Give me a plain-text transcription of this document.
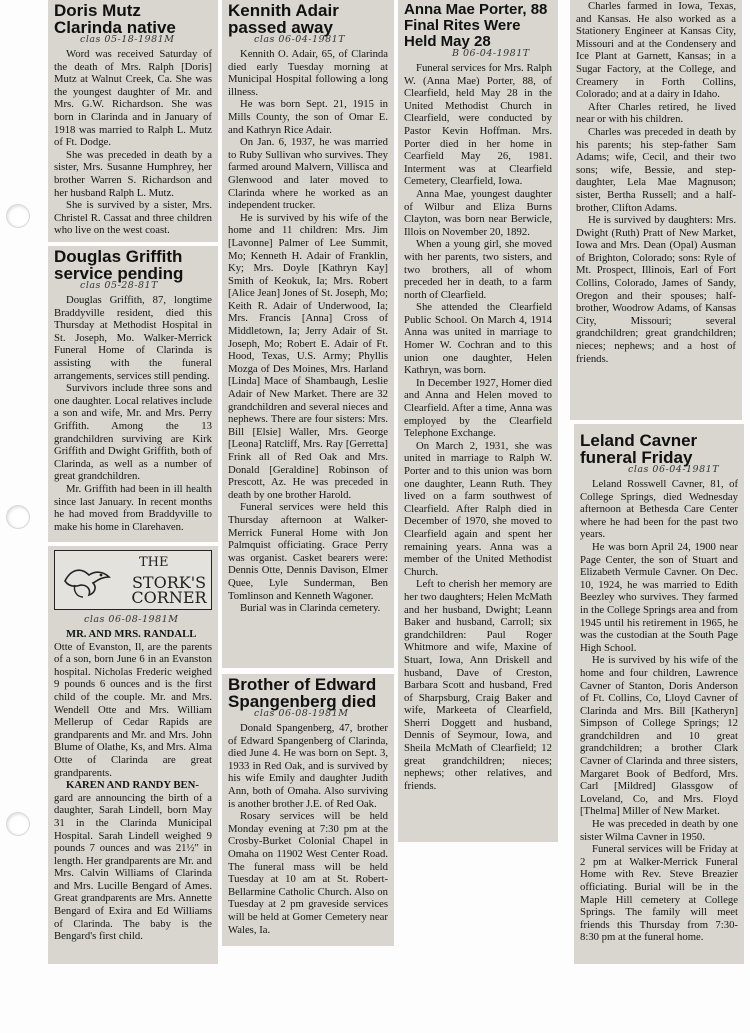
Doris Mutz
Clarinda native
clas 05-18-1981M

Word was received Saturday of the death of Mrs. Ralph [Doris] Mutz at Walnut Creek, Ca. She was the youngest daughter of Mr. and Mrs. G.W. Richardson. She was born in Clarinda and in January of 1918 was married to Ralph L. Mutz of Ft. Dodge.

She was preceded in death by a sister, Mrs. Susanne Humphrey, her brother Warren S. Richardson and her husband Ralph L. Mutz.

She is survived by a sister, Mrs. Christel R. Cassat and three children who live on the west coast.

Douglas Griffith
service pending
clas 05-28-81T

Douglas Griffith, 87, longtime Braddyville resident, died this Thursday at Methodist Hospital in St. Joseph, Mo. Walker-Merrick Funeral Home of Clarinda is assisting with the funeral arrangements, services still pending.

Survivors include three sons and one daughter. Local relatives include a son and wife, Mr. and Mrs. Perry Griffith. Among the 13 grandchildren surviving are Kirk Griffith and Dwight Griffith, both of Clarinda, as well as a number of great grandchildren.

Mr. Griffith had been in ill health since last January. In recent months he had moved from Braddyville to make his home in Clarehaven.

THE
STORK'S
CORNER
clas 06-08-1981M

MR. AND MRS. RANDALL

Otte of Evanston, Il, are the parents of a son, born June 6 in an Evanston hospital. Nicholas Frederic weighed 9 pounds 6 ounces and is the first child of the couple. Mr. and Mrs. Wendell Otte and Mrs. William Mellerup of Cedar Rapids are grandparents and Mr. and Mrs. John Blume of Olathe, Ks, and Mrs. Alma Otte of Clarinda are great grandparents.

KAREN AND RANDY BEN-

gard are announcing the birth of a daughter, Sarah Lindell, born May 31 in the Clarinda Municipal Hospital. Sarah Lindell weighed 9 pounds 7 ounces and was 21½" in length. Her grandparents are Mr. and Mrs. Calvin Williams of Clarinda and Mrs. Lucille Bengard of Ames. Great grandparents are Mrs. Annette Bengard of Exira and Ed Williams of Clarinda. The baby is the Bengard's first child.

Kennith Adair
passed away
clas 06-04-1981T

Kennith O. Adair, 65, of Clarinda died early Tuesday morning at Municipal Hospital following a long illness.

He was born Sept. 21, 1915 in Mills County, the son of Omar E. and Kathryn Rice Adair.

On Jan. 6, 1937, he was married to Ruby Sullivan who survives. They farmed around Malvern, Villisca and Glenwood and later moved to Clarinda where he worked as an independent trucker.

He is survived by his wife of the home and 11 children: Mrs. Jim [Lavonne] Palmer of Lee Summit, Mo; Kenneth H. Adair of Franklin, Ky; Mrs. Doyle [Kathryn Kay] Smith of Keokuk, Ia; Mrs. Robert [Alice Jean] Jones of St. Joseph, Mo; Keith R. Adair of Underwood, Ia; Mrs. Francis [Anna] Cross of Middletown, Ia; Jerry Adair of St. Joseph, Mo; Robert E. Adair of Ft. Hood, Texas, U.S. Army; Phyllis Mozga of Des Moines, Mrs. Harland [Linda] Mace of Shambaugh, Leslie Adair of New Market. There are 32 grandchildren and several nieces and nephews. There are four sisters: Mrs. Bill [Elsie] Waller, Mrs. George [Leona] Ratcliff, Mrs. Ray [Gerretta] Frink all of Red Oak and Mrs. Donald [Geraldine] Robinson of Prescott, Az. He was preceded in death by one brother Harold.

Funeral services were held this Thursday afternoon at Walker-Merrick Funeral Home with Jon Palmquist officiating. Grace Perry was organist. Casket bearers were: Dennis Otte, Dennis Davison, Elmer Quee, Lyle Sunderman, Ben Tomlinson and Kenneth Wagoner.

Burial was in Clarinda cemetery.

Brother of Edward
Spangenberg died
clas 06-08-1981M

Donald Spangenberg, 47, brother of Edward Spangenberg of Clarinda, died June 4. He was born on Sept. 3, 1933 in Red Oak, and is survived by his wife Emily and daughter Judith Ann, both of Omaha. Also surviving is another brother J.E. of Red Oak.

Rosary services will be held Monday evening at 7:30 pm at the Crosby-Burket Colonial Chapel in Omaha on 11902 West Center Road. The funeral mass will be held Tuesday at 10 am at St. Robert-Bellarmine Catholic Church. Also on Tuesday at 2 pm graveside services will be held at Gomer Cemetery near Wales, Ia.

Anna Mae Porter, 88
Final Rites Were
Held May 28
B 06-04-1981T

Funeral services for Mrs. Ralph W. (Anna Mae) Porter, 88, of Clearfield, held May 28 in the United Methodist Church in Clearfield, were conducted by Pastor Kevin Hoffman. Mrs. Porter died in her home in Cearfield May 26, 1981. Interment was at Clearfield Cemetery, Clearfield, Iowa.

Anna Mae, youngest daughter of Wilbur and Eliza Burns Clayton, was born near Berwicle, Illois on November 20, 1892.

When a young girl, she moved with her parents, two sisters, and two brothers, all of whom preceded her in death, to a farm north of Clearfield.

She attended the Clearfield Public School. On March 4, 1914 Anna was united in marriage to Homer W. Cochran and to this union one daughter, Helen Kathryn, was born.

In December 1927, Homer died and Anna and Helen moved to Clearfield. After a time, Anna was employed by the Clearfield Telephone Exchange.

On March 2, 1931, she was united in marriage to Ralph W. Porter and to this union was born one daughter, Leann Ruth. They lived on a farm southwest of Clearfield. After Ralph died in December of 1970, she moved to Clearfield again and spent her remaining years. Anna was a member of the United Methodist Church.

Left to cherish her memory are her two daughters; Helen McMath and her husband, Dwight; Leann Baker and husband, Carroll; six grandchildren: Paul Roger Whitmore and wife, Maxine of Stuart, Iowa, Ann Driskell and husband, Dave of Creston, Barbara Scott and husband, Fred of Sharpsburg, Craig Baker and wife, Markeeta of Clearfield, Sherri Doggett and husband, Dennis of Seymour, Iowa, and Sheila McMath of Clearfield; 12 great grandchildren; nieces; nephews; other relatives, and friends.

Charles farmed in Iowa, Texas, and Kansas. He also worked as a Stationery Engineer at Kansas City, Missouri and at the Condensery and Ice Plant at Garnett, Kansas; in a Sugar Factory, at the College, and Creamery in Forth Collins, Colorado; and at a dairy in Idaho.

After Charles retired, he lived near or with his children.

Charles was preceded in death by his parents; his step-father Sam Adams; wife, Cecil, and their two sons; wife, Bessie, and step-daughter, Lela Mae Magnuson; sister, Bertha Russell; and a half-brother, Clifton Adams.

He is survived by daughters: Mrs. Dwight (Ruth) Pratt of New Market, Iowa and Mrs. Dean (Opal) Ausman of Brighton, Colorado; sons: Ryle of Mt. Prospect, Illinois, Earl of Fort Collins, Colorado, James of Sandy, Oregon and their spouses; half-brother, Woodrow Adams, of Kansas City, Missouri; several grandchildren; great grandchildren; nieces; nephews; and a host of friends.

Leland Cavner
funeral Friday
clas 06-04-1981T

Leland Rosswell Cavner, 81, of College Springs, died Wednesday afternoon at Bethesda Care Center where he had been for the past two years.

He was born April 24, 1900 near Page Center, the son of Stuart and Elizabeth Vermule Cavner. On Dec. 10, 1924, he was married to Edith Beezley who survives. They farmed in the College Springs area and from 1945 until his retirement in 1965, he was the custodian at the South Page High School.

He is survived by his wife of the home and four children, Lawrence Cavner of Stanton, Doris Anderson of Ft. Collins, Co, Lloyd Cavner of Clarinda and Mrs. Bill [Katheryn] Simpson of College Springs; 12 grandchildren and 10 great grandchildren; a brother Clark Cavner of Clarinda and three sisters, Margaret Book of Bedford, Mrs. Carl [Mildred] Glassgow of Loveland, Co, and Mrs. Floyd [Thelma] Miller of New Market.

He was preceded in death by one sister Wilma Cavner in 1950.

Funeral services will be Friday at 2 pm at Walker-Merrick Funeral Home with Rev. Steve Breazier officiating. Burial will be in the Maple Hill cemetery at College Springs. The family will meet friends this Thursday from 7:30-8:30 pm at the funeral home.
